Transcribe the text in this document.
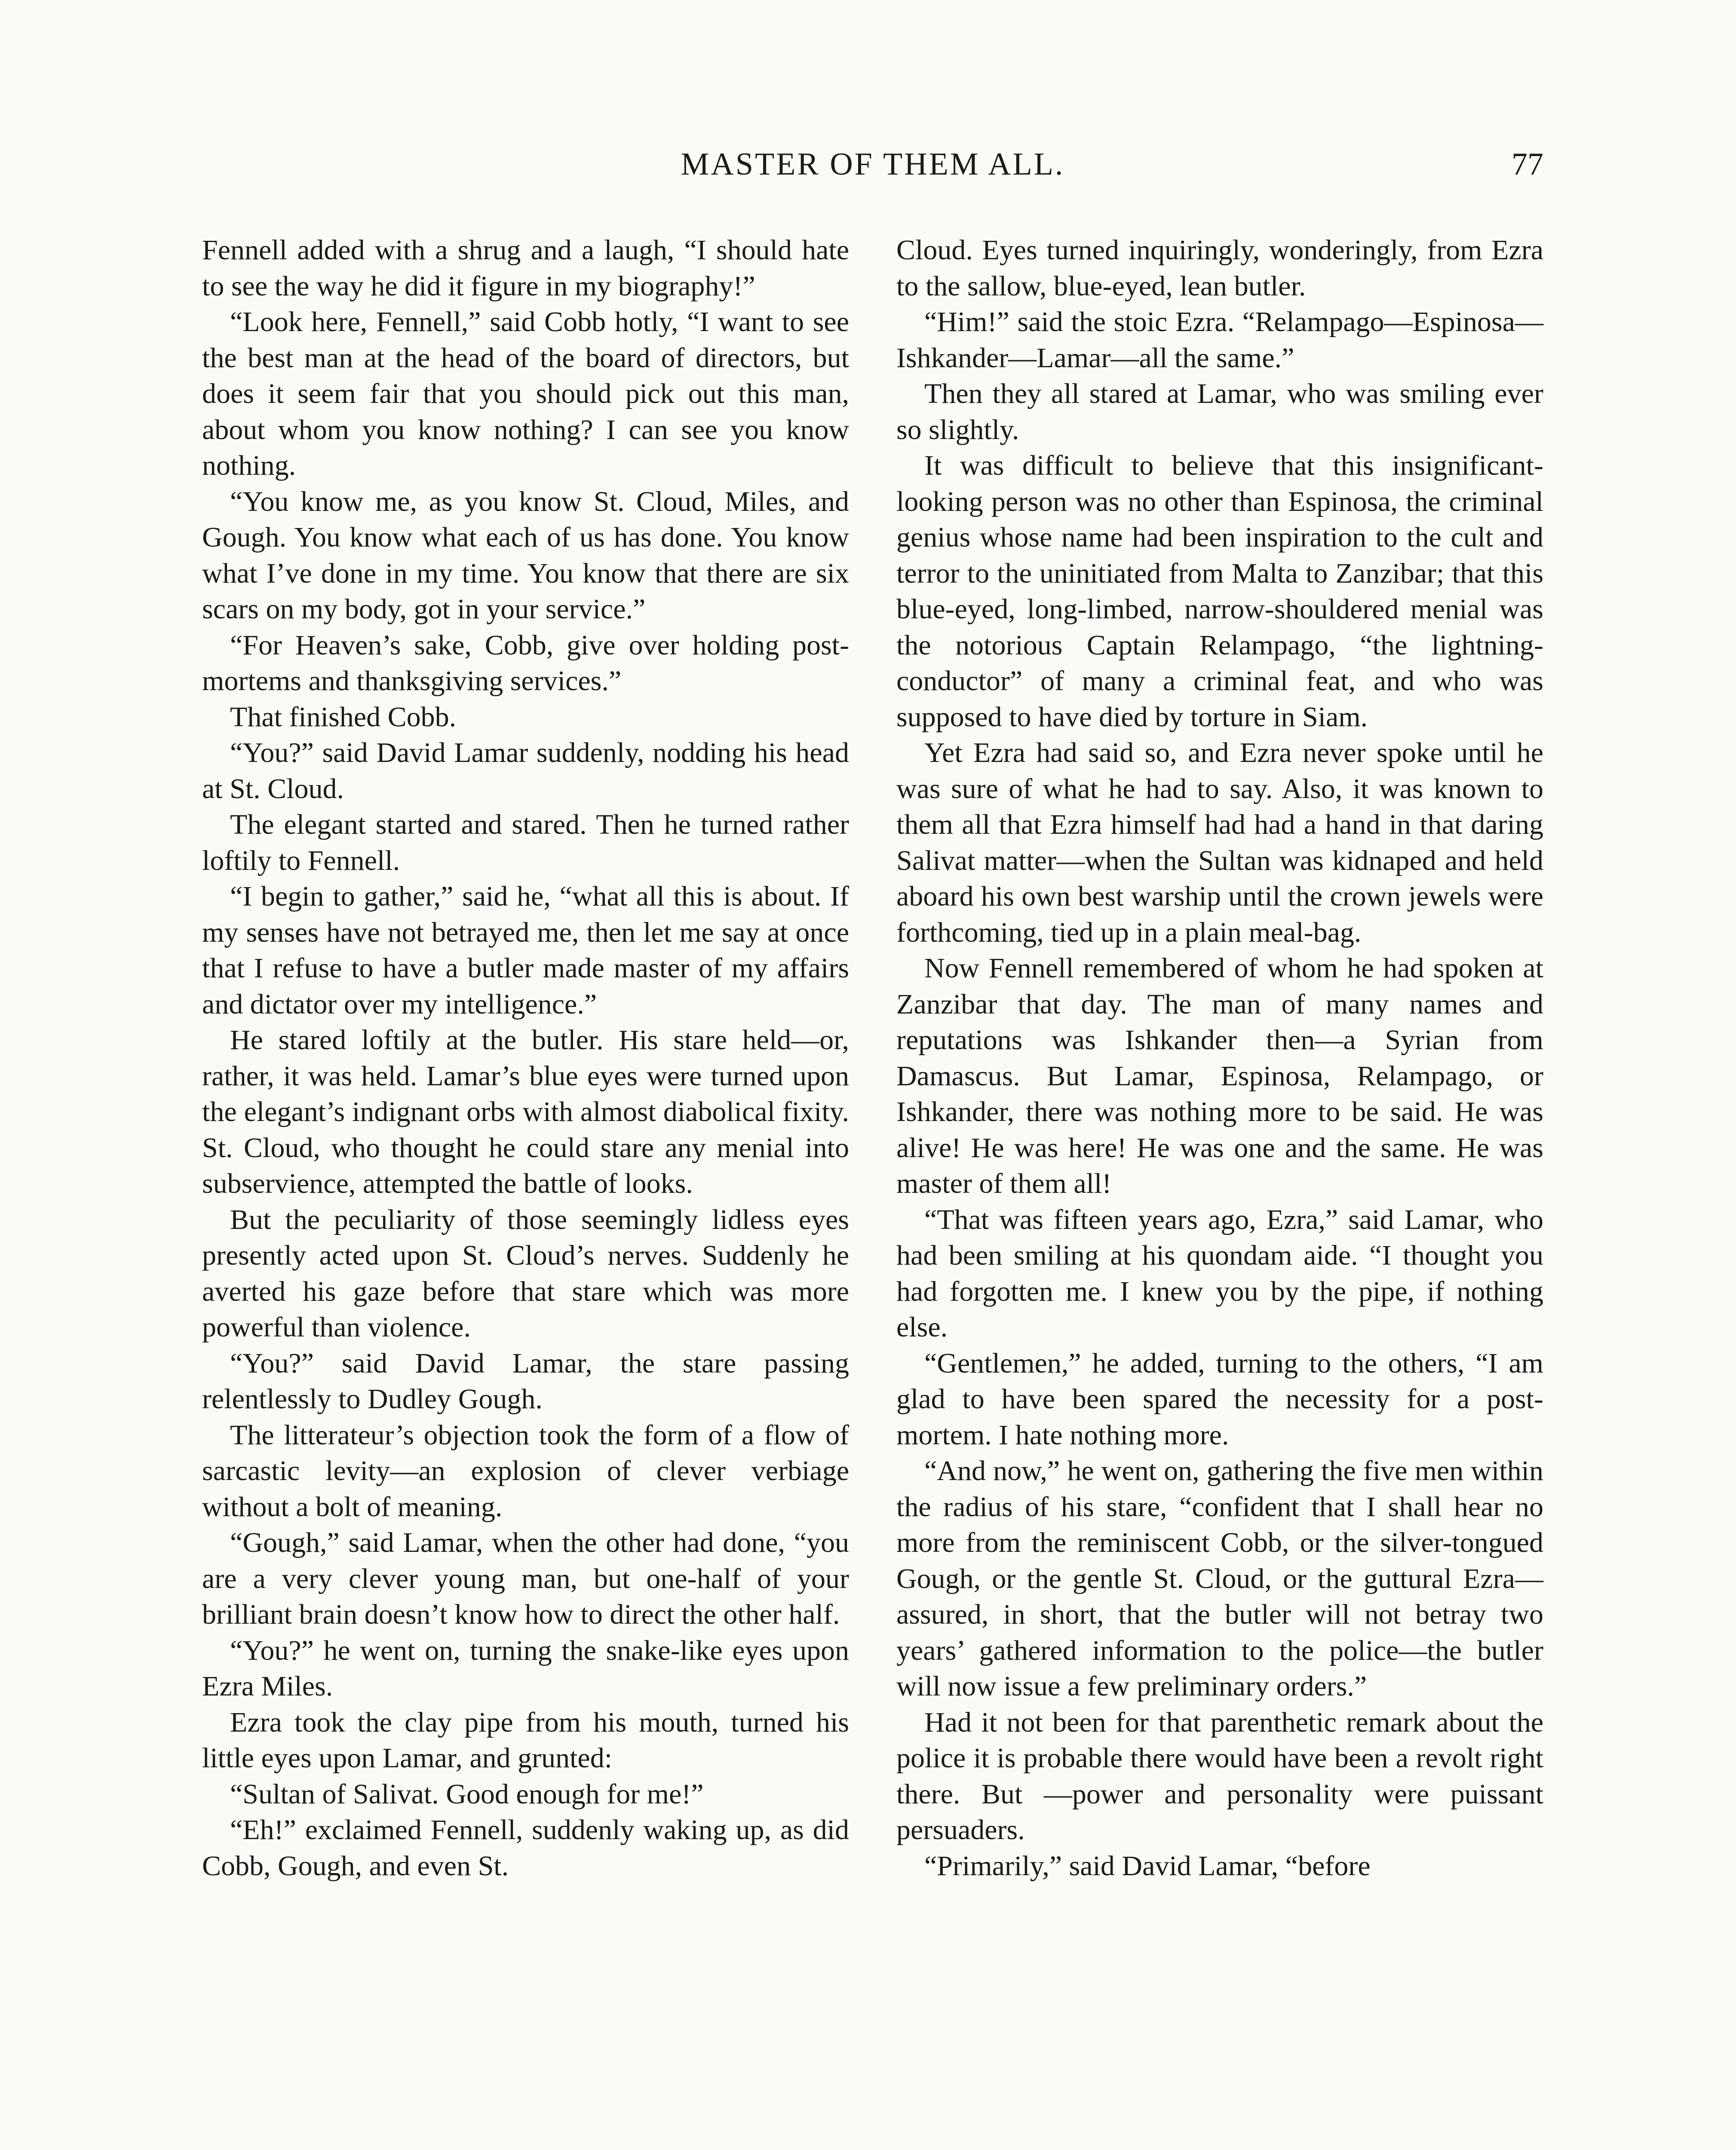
MASTER OF THEM ALL.	77

Fennell added with a shrug and a laugh, “I should hate to see the way he did it figure in my biography!”

“Look here, Fennell,” said Cobb hotly, “I want to see the best man at the head of the board of directors, but does it seem fair that you should pick out this man, about whom you know nothing? I can see you know nothing.

“You know me, as you know St. Cloud, Miles, and Gough. You know what each of us has done. You know what I’ve done in my time. You know that there are six scars on my body, got in your service.”

“For Heaven’s sake, Cobb, give over holding post-mortems and thanksgiving services.”

That finished Cobb.

“You?” said David Lamar suddenly, nodding his head at St. Cloud.

The elegant started and stared. Then he turned rather loftily to Fennell.

“I begin to gather,” said he, “what all this is about. If my senses have not betrayed me, then let me say at once that I refuse to have a butler made master of my affairs and dictator over my intelligence.”

He stared loftily at the butler. His stare held—or, rather, it was held. Lamar’s blue eyes were turned upon the elegant’s indignant orbs with almost diabolical fixity. St. Cloud, who thought he could stare any menial into subservience, attempted the battle of looks.

But the peculiarity of those seemingly lidless eyes presently acted upon St. Cloud’s nerves. Suddenly he averted his gaze before that stare which was more powerful than violence.

“You?” said David Lamar, the stare passing relentlessly to Dudley Gough.

The litterateur’s objection took the form of a flow of sarcastic levity—an explosion of clever verbiage without a bolt of meaning.

“Gough,” said Lamar, when the other had done, “you are a very clever young man, but one-half of your brilliant brain doesn’t know how to direct the other half.

“You?” he went on, turning the snake-like eyes upon Ezra Miles.

Ezra took the clay pipe from his mouth, turned his little eyes upon Lamar, and grunted:

“Sultan of Salivat. Good enough for me!”

“Eh!” exclaimed Fennell, suddenly waking up, as did Cobb, Gough, and even St.

Cloud. Eyes turned inquiringly, wonderingly, from Ezra to the sallow, blue-eyed, lean butler.

“Him!” said the stoic Ezra. “Relampago—Espinosa—Ishkander—Lamar—all the same.”

Then they all stared at Lamar, who was smiling ever so slightly.

It was difficult to believe that this insignificant-looking person was no other than Espinosa, the criminal genius whose name had been inspiration to the cult and terror to the uninitiated from Malta to Zanzibar; that this blue-eyed, long-limbed, narrow-shouldered menial was the notorious Captain Relampago, “the lightning-conductor” of many a criminal feat, and who was supposed to have died by torture in Siam.

Yet Ezra had said so, and Ezra never spoke until he was sure of what he had to say. Also, it was known to them all that Ezra himself had had a hand in that daring Salivat matter—when the Sultan was kidnaped and held aboard his own best warship until the crown jewels were forthcoming, tied up in a plain meal-bag.

Now Fennell remembered of whom he had spoken at Zanzibar that day. The man of many names and reputations was Ishkander then—a Syrian from Damascus. But Lamar, Espinosa, Relampago, or Ishkander, there was nothing more to be said. He was alive! He was here! He was one and the same. He was master of them all!

“That was fifteen years ago, Ezra,” said Lamar, who had been smiling at his quondam aide. “I thought you had forgotten me. I knew you by the pipe, if nothing else.

“Gentlemen,” he added, turning to the others, “I am glad to have been spared the necessity for a post-mortem. I hate nothing more.

“And now,” he went on, gathering the five men within the radius of his stare, “confident that I shall hear no more from the reminiscent Cobb, or the silver-tongued Gough, or the gentle St. Cloud, or the guttural Ezra—assured, in short, that the butler will not betray two years’ gathered information to the police—the butler will now issue a few preliminary orders.”

Had it not been for that parenthetic remark about the police it is probable there would have been a revolt right there. But —power and personality were puissant persuaders.

“Primarily,” said David Lamar, “before
